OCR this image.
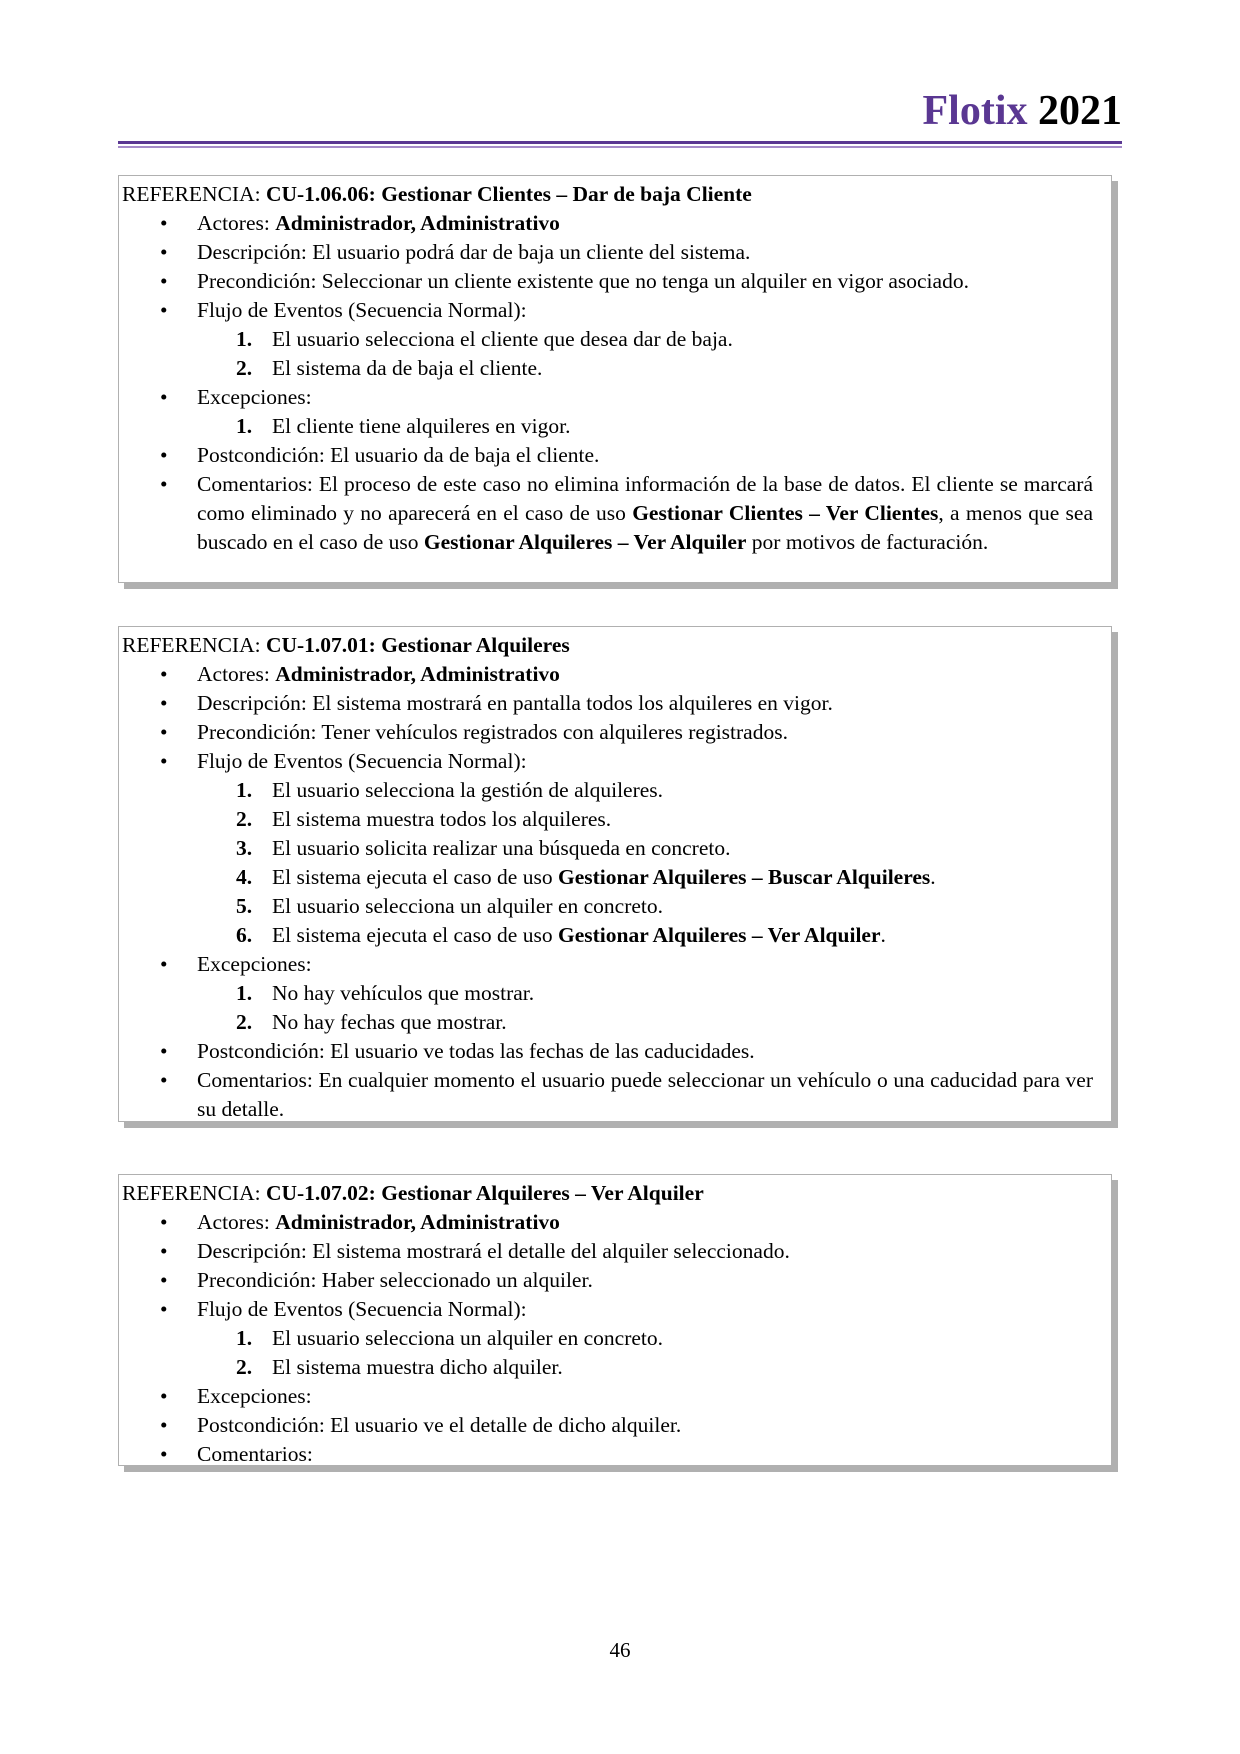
Flotix 2021
REFERENCIA: CU-1.06.06: Gestionar Clientes – Dar de baja Cliente
• Actores: Administrador, Administrativo
• Descripción: El usuario podrá dar de baja un cliente del sistema.
• Precondición: Seleccionar un cliente existente que no tenga un alquiler en vigor asociado.
• Flujo de Eventos (Secuencia Normal):
1. El usuario selecciona el cliente que desea dar de baja.
2. El sistema da de baja el cliente.
• Excepciones:
1. El cliente tiene alquileres en vigor.
• Postcondición: El usuario da de baja el cliente.
• Comentarios: El proceso de este caso no elimina información de la base de datos. El cliente se marcará como eliminado y no aparecerá en el caso de uso Gestionar Clientes – Ver Clientes, a menos que sea buscado en el caso de uso Gestionar Alquileres – Ver Alquiler por motivos de facturación.
REFERENCIA: CU-1.07.01: Gestionar Alquileres
• Actores: Administrador, Administrativo
• Descripción: El sistema mostrará en pantalla todos los alquileres en vigor.
• Precondición: Tener vehículos registrados con alquileres registrados.
• Flujo de Eventos (Secuencia Normal):
1. El usuario selecciona la gestión de alquileres.
2. El sistema muestra todos los alquileres.
3. El usuario solicita realizar una búsqueda en concreto.
4. El sistema ejecuta el caso de uso Gestionar Alquileres – Buscar Alquileres.
5. El usuario selecciona un alquiler en concreto.
6. El sistema ejecuta el caso de uso Gestionar Alquileres – Ver Alquiler.
• Excepciones:
1. No hay vehículos que mostrar.
2. No hay fechas que mostrar.
• Postcondición: El usuario ve todas las fechas de las caducidades.
• Comentarios: En cualquier momento el usuario puede seleccionar un vehículo o una caducidad para ver su detalle.
REFERENCIA: CU-1.07.02: Gestionar Alquileres – Ver Alquiler
• Actores: Administrador, Administrativo
• Descripción: El sistema mostrará el detalle del alquiler seleccionado.
• Precondición: Haber seleccionado un alquiler.
• Flujo de Eventos (Secuencia Normal):
1. El usuario selecciona un alquiler en concreto.
2. El sistema muestra dicho alquiler.
• Excepciones:
• Postcondición: El usuario ve el detalle de dicho alquiler.
• Comentarios:
46
